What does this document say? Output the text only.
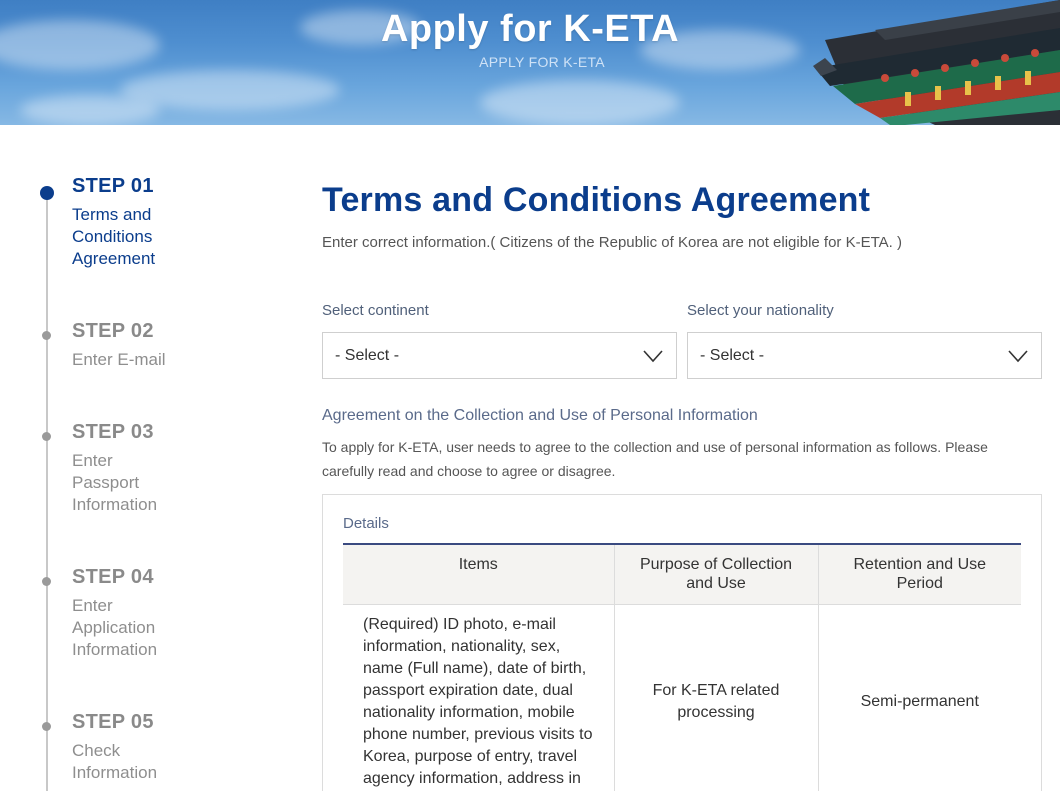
Apply for K-ETA
APPLY FOR K-ETA
STEP 01
Terms and Conditions Agreement
STEP 02
Enter E-mail
STEP 03
Enter Passport Information
STEP 04
Enter Application Information
STEP 05
Check Information
Terms and Conditions Agreement

Enter correct information.( Citizens of the Republic of Korea are not eligible for K-ETA. )

Select continent
- Select -
Select your nationality
- Select -
Agreement on the Collection and Use of Personal Information

To apply for K-ETA, user needs to agree to the collection and use of personal information as follows. Please carefully read and choose to agree or disagree.

Details
Items	Purpose of Collection and Use	Retention and Use Period
(Required) ID photo, e-mail information, nationality, sex, name (Full name), date of birth, passport expiration date, dual nationality information, mobile phone number, previous visits to Korea, purpose of entry, travel agency information, address in	For K-ETA related processing	Semi-permanent
